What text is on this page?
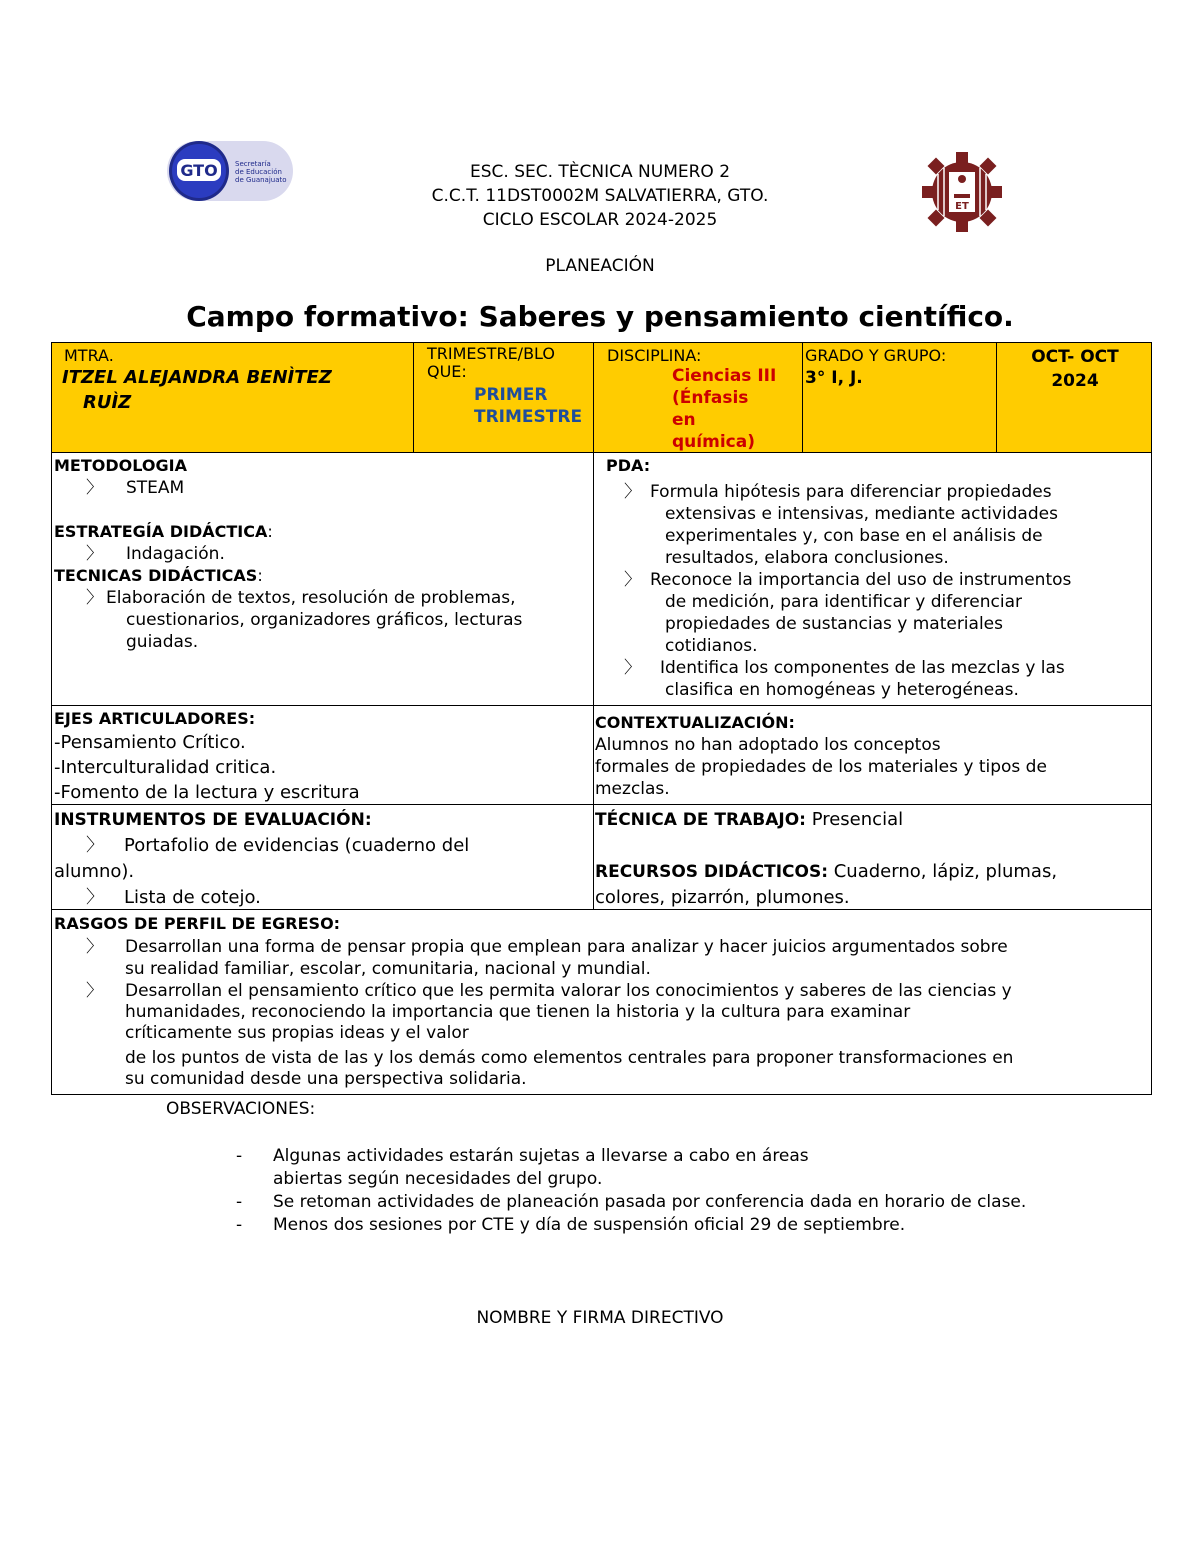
GTO Secretaría
de Educación
de Guanajuato
ET
ESC. SEC. TÈCNICA NUMERO 2
C.C.T. 11DST0002M SALVATIERRA, GTO.
CICLO ESCOLAR 2024-2025
PLANEACIÓN
Campo formativo: Saberes y pensamiento científico.
MTRA.
ITZEL ALEJANDRA BENÌTEZ
RUÌZ
TRIMESTRE/BLO
QUE:
PRIMER
TRIMESTRE
DISCIPLINA:
Ciencias III
(Énfasis
en
química)
GRADO Y GRUPO:
3° I, J.
OCT- OCT
2024
METODOLOGIA
〉 STEAM
ESTRATEGÍA DIDÁCTICA:
〉 Indagación.
TECNICAS DIDÁCTICAS:
〉 Elaboración de textos, resolución de problemas,
cuestionarios, organizadores gráficos, lecturas
guiadas.
PDA:
〉 Formula hipótesis para diferenciar propiedades
extensivas e intensivas, mediante actividades
experimentales y, con base en el análisis de
resultados, elabora conclusiones.
〉 Reconoce la importancia del uso de instrumentos
de medición, para identificar y diferenciar
propiedades de sustancias y materiales
cotidianos.
〉 Identifica los componentes de las mezclas y las
clasifica en homogéneas y heterogéneas.
EJES ARTICULADORES:
-Pensamiento Crítico.
-Interculturalidad critica.
-Fomento de la lectura y escritura
CONTEXTUALIZACIÓN:
Alumnos no han adoptado los conceptos
formales de propiedades de los materiales y tipos de
mezclas.
INSTRUMENTOS DE EVALUACIÓN:
〉 Portafolio de evidencias (cuaderno del
alumno).
〉 Lista de cotejo.
TÉCNICA DE TRABAJO: Presencial
RECURSOS DIDÁCTICOS: Cuaderno, lápiz, plumas,
colores, pizarrón, plumones.
RASGOS DE PERFIL DE EGRESO:
〉 Desarrollan una forma de pensar propia que emplean para analizar y hacer juicios argumentados sobre
su realidad familiar, escolar, comunitaria, nacional y mundial.
〉 Desarrollan el pensamiento crítico que les permita valorar los conocimientos y saberes de las ciencias y
humanidades, reconociendo la importancia que tienen la historia y la cultura para examinar
críticamente sus propias ideas y el valor
de los puntos de vista de las y los demás como elementos centrales para proponer transformaciones en
su comunidad desde una perspectiva solidaria.
OBSERVACIONES:
- Algunas actividades estarán sujetas a llevarse a cabo en áreas
abiertas según necesidades del grupo.
- Se retoman actividades de planeación pasada por conferencia dada en horario de clase.
- Menos dos sesiones por CTE y día de suspensión oficial 29 de septiembre.
NOMBRE Y FIRMA DIRECTIVO
